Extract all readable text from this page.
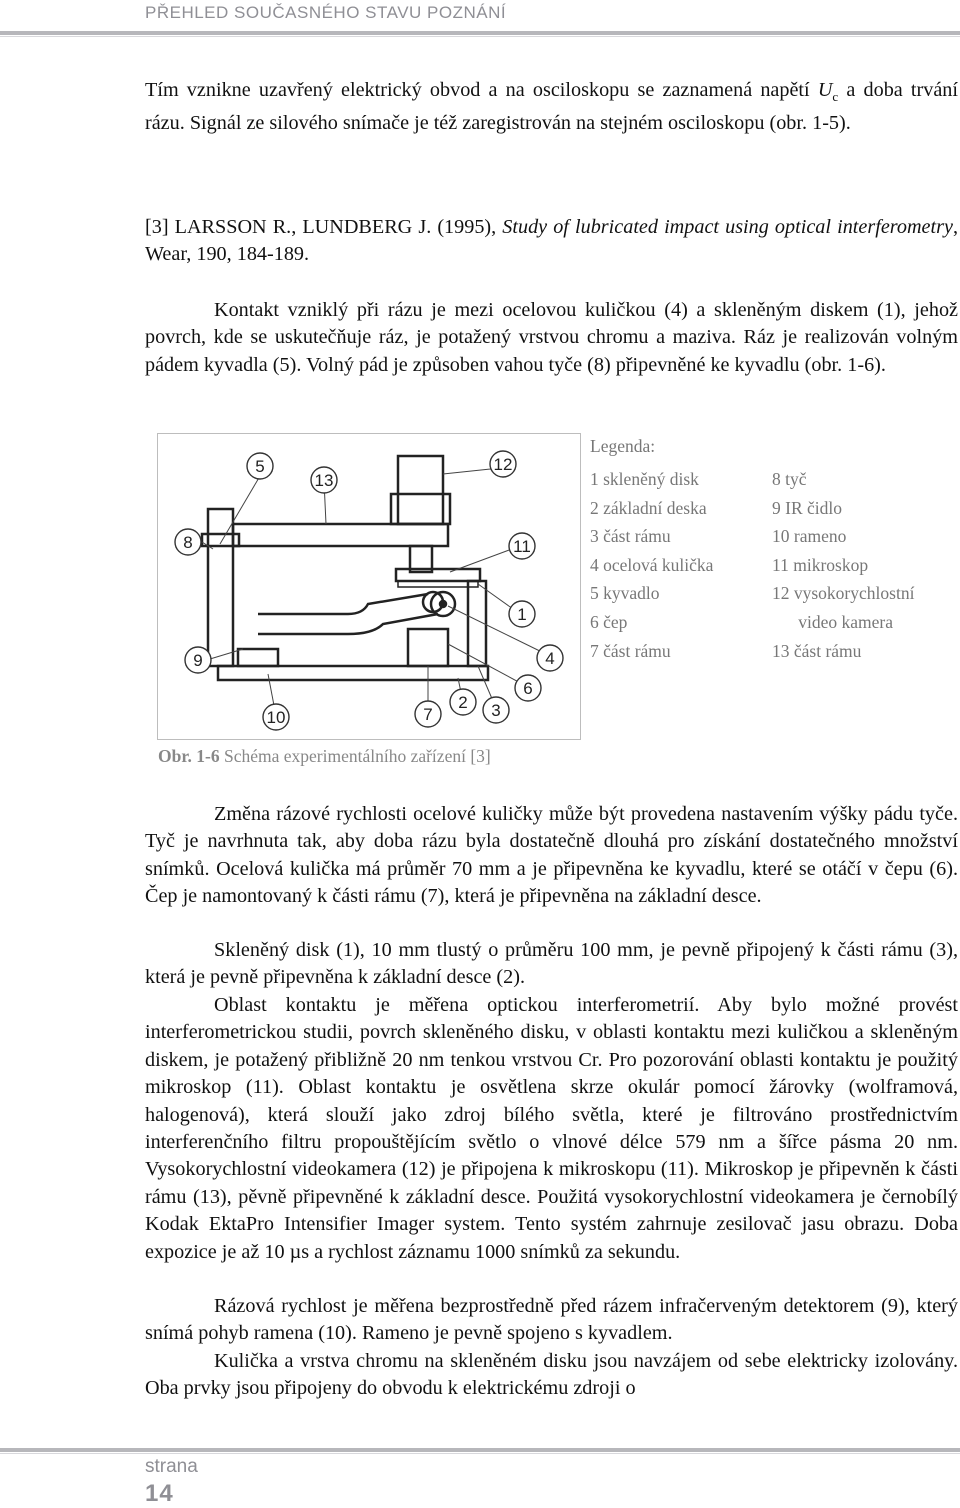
PŘEHLED SOUČASNÉHO STAVU POZNÁNÍ

Tím vznikne uzavřený elektrický obvod a na osciloskopu se zaznamená napětí $U_c$ a doba trvání rázu. Signál ze silového snímače je též zaregistrován na stejném osciloskopu (obr. 1-5).

[3] LARSSON R., LUNDBERG J. (1995), Study of lubricated impact using optical interferometry, Wear, 190, 184-189.

Kontakt vzniklý při rázu je mezi ocelovou kuličkou (4) a skleněným diskem (1), jehož povrch, kde se uskutečňuje ráz, je potažený vrstvou chromu a maziva. Ráz je realizován volným pádem kyvadla (5). Volný pád je způsoben vahou tyče (8) připevněné ke kyvadlu (obr. 1-6).

5
13
12
8	11
1
9	4
6
10	7
2 3
Legenda:
1 skleněný disk	8 tyč
2 základní deska	9 IR čidlo
3 část rámu	10 rameno
4 ocelová kulička	11 mikroskop
5 kyvadlo	12 vysokorychlostní
6 čep	video kamera
7 část rámu	13 část rámu
Obr. 1-6 Schéma experimentálního zařízení [3]

Změna rázové rychlosti ocelové kuličky může být provedena nastavením výšky pádu tyče. Tyč je navrhnuta tak, aby doba rázu byla dostatečně dlouhá pro získání dostatečného množství snímků. Ocelová kulička má průměr 70 mm a je připevněna ke kyvadlu, které se otáčí v čepu (6). Čep je namontovaný k části rámu (7), která je připevněna na základní desce.

Skleněný disk (1), 10 mm tlustý o průměru 100 mm, je pevně připojený k části rámu (3), která je pevně připevněna k základní desce (2).

Oblast kontaktu je měřena optickou interferometrií. Aby bylo možné provést interferometrickou studii, povrch skleněného disku, v oblasti kontaktu mezi kuličkou a skleněným diskem, je potažený přibližně 20 nm tenkou vrstvou Cr. Pro pozorování oblasti kontaktu je použitý mikroskop (11). Oblast kontaktu je osvětlena skrze okulár pomocí žárovky (wolframová, halogenová), která slouží jako zdroj bílého světla, které je filtrováno prostřednictvím interferenčního filtru propouštějícím světlo o vlnové délce 579 nm a šířce pásma 20 nm. Vysokorychlostní videokamera (12) je připojena k mikroskopu (11). Mikroskop je připevněn k části rámu (13), pěvně připevněné k základní desce. Použitá vysokorychlostní videokamera je černobílý Kodak EktaPro Intensifier Imager system. Tento systém zahrnuje zesilovač jasu obrazu. Doba expozice je až 10 µs a rychlost záznamu 1000 snímků za sekundu.

Rázová rychlost je měřena bezprostředně před rázem infračerveným detektorem (9), který snímá pohyb ramena (10). Rameno je pevně spojeno s kyvadlem.

Kulička a vrstva chromu na skleněném disku jsou navzájem od sebe elektricky izolovány. Oba prvky jsou připojeny do obvodu k elektrickému zdroji o

strana
14
